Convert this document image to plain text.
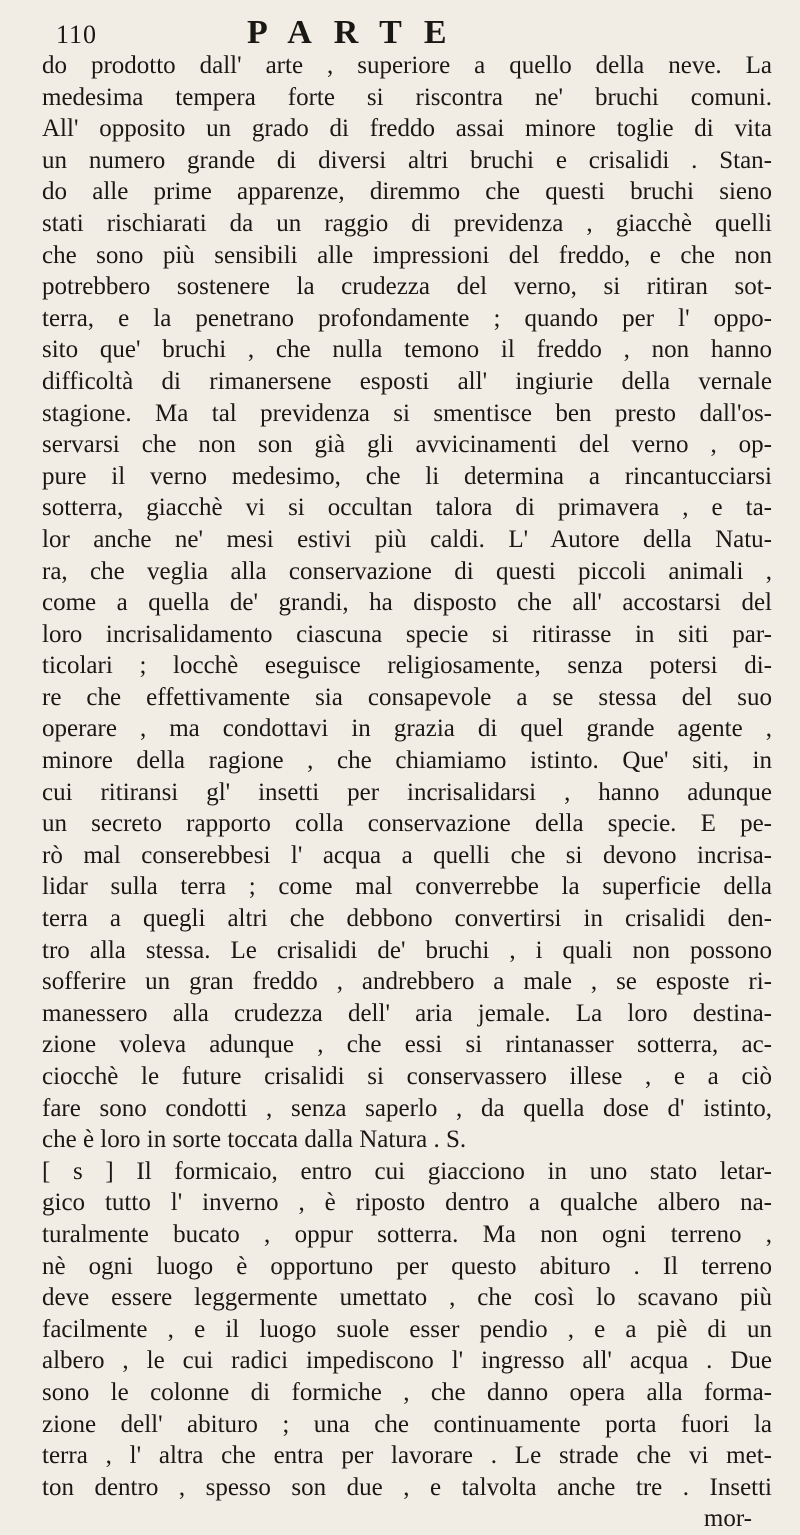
110	PARTE
do prodotto dall' arte , superiore a quello della neve. La
medesima tempera forte si riscontra ne' bruchi comuni.
All' opposito un grado di freddo assai minore toglie di vita
un numero grande di diversi altri bruchi e crisalidi . Stan-
do alle prime apparenze, diremmo che questi bruchi sieno
stati rischiarati da un raggio di previdenza , giacchè quelli
che sono più sensibili alle impressioni del freddo, e che non
potrebbero sostenere la crudezza del verno, si ritiran sot-
terra, e la penetrano profondamente ; quando per l' oppo-
sito que' bruchi , che nulla temono il freddo , non hanno
difficoltà di rimanersene esposti all' ingiurie della vernale
stagione. Ma tal previdenza si smentisce ben presto dall'os-
servarsi che non son già gli avvicinamenti del verno , op-
pure il verno medesimo, che li determina a rincantucciarsi
sotterra, giacchè vi si occultan talora di primavera , e ta-
lor anche ne' mesi estivi più caldi. L' Autore della Natu-
ra, che veglia alla conservazione di questi piccoli animali ,
come a quella de' grandi, ha disposto che all' accostarsi del
loro incrisalidamento ciascuna specie si ritirasse in siti par-
ticolari ; locchè eseguisce religiosamente, senza potersi di-
re che effettivamente sia consapevole a se stessa del suo
operare , ma condottavi in grazia di quel grande agente ,
minore della ragione , che chiamiamo istinto. Que' siti, in
cui ritiransi gl' insetti per incrisalidarsi , hanno adunque
un secreto rapporto colla conservazione della specie. E pe-
rò mal conserebbesi l' acqua a quelli che si devono incrisa-
lidar sulla terra ; come mal converrebbe la superficie della
terra a quegli altri che debbono convertirsi in crisalidi den-
tro alla stessa. Le crisalidi de' bruchi , i quali non possono
sofferire un gran freddo , andrebbero a male , se esposte ri-
manessero alla crudezza dell' aria jemale. La loro destina-
zione voleva adunque , che essi si rintanasser sotterra, ac-
ciocchè le future crisalidi si conservassero illese , e a ciò
fare sono condotti , senza saperlo , da quella dose d' istinto,
che è loro in sorte toccata dalla Natura . S.
[ s ] Il formicaio, entro cui giacciono in uno stato letar-
gico tutto l' inverno , è riposto dentro a qualche albero na-
turalmente bucato , oppur sotterra. Ma non ogni terreno ,
nè ogni luogo è opportuno per questo abituro . Il terreno
deve essere leggermente umettato , che così lo scavano più
facilmente , e il luogo suole esser pendio , e a piè di un
albero , le cui radici impediscono l' ingresso all' acqua . Due
sono le colonne di formiche , che danno opera alla forma-
zione dell' abituro ; una che continuamente porta fuori la
terra , l' altra che entra per lavorare . Le strade che vi met-
ton dentro , spesso son due , e talvolta anche tre . Insetti
mor-
